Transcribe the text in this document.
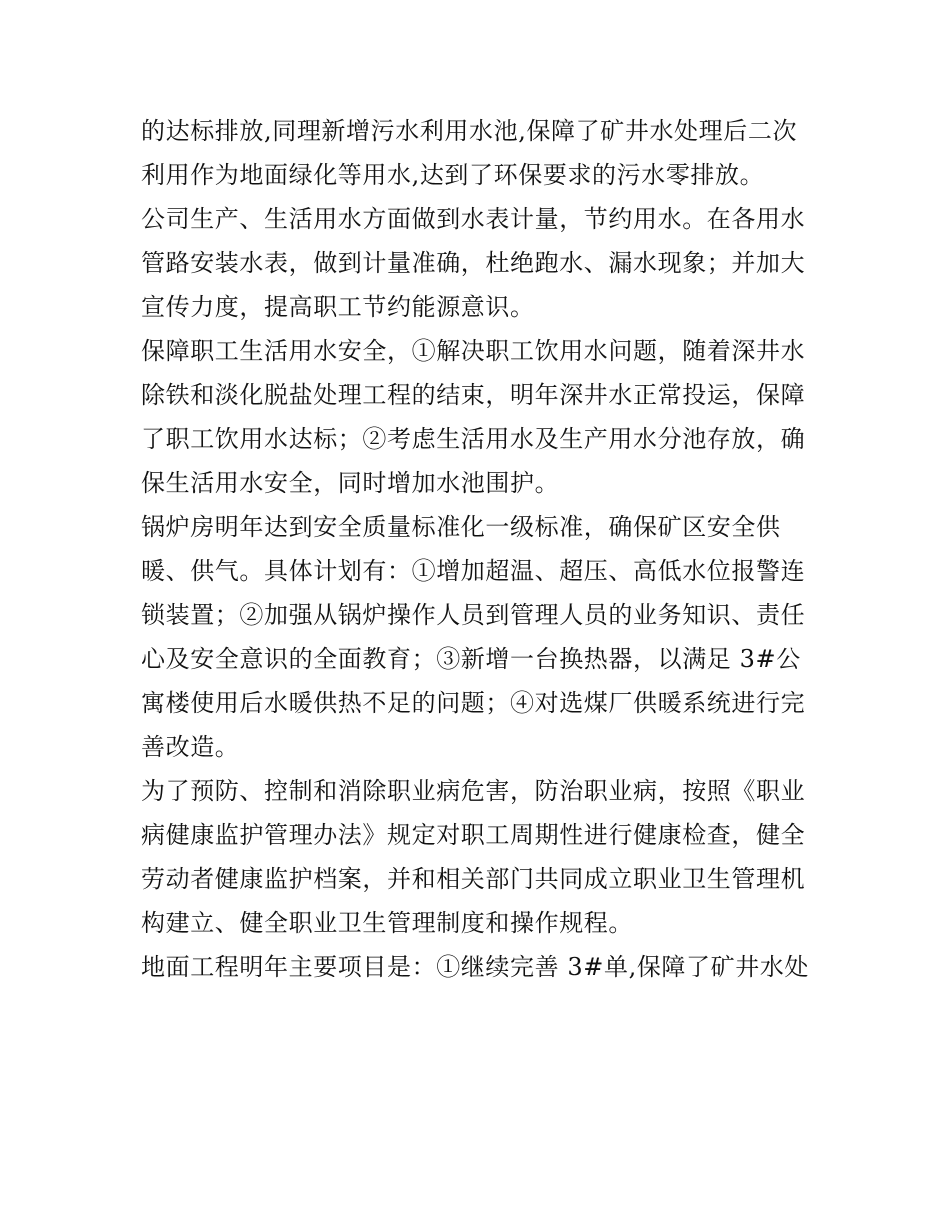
的达标排放,同理新增污水利用水池,保障了矿井水处理后二次
利用作为地面绿化等用水,达到了环保要求的污水零排放。
公司生产、生活用水方面做到水表计量，节约用水。在各用水
管路安装水表，做到计量准确，杜绝跑水、漏水现象；并加大
宣传力度，提高职工节约能源意识。
保障职工生活用水安全，①解决职工饮用水问题，随着深井水
除铁和淡化脱盐处理工程的结束，明年深井水正常投运，保障
了职工饮用水达标；②考虑生活用水及生产用水分池存放，确
保生活用水安全，同时增加水池围护。
锅炉房明年达到安全质量标准化一级标准，确保矿区安全供
暖、供气。具体计划有：①增加超温、超压、高低水位报警连
锁装置；②加强从锅炉操作人员到管理人员的业务知识、责任
心及安全意识的全面教育；③新增一台换热器，以满足 3#公
寓楼使用后水暖供热不足的问题；④对选煤厂供暖系统进行完
善改造。
为了预防、控制和消除职业病危害，防治职业病，按照《职业
病健康监护管理办法》规定对职工周期性进行健康检查，健全
劳动者健康监护档案，并和相关部门共同成立职业卫生管理机
构建立、健全职业卫生管理制度和操作规程。
地面工程明年主要项目是：①继续完善 3#单,保障了矿井水处
